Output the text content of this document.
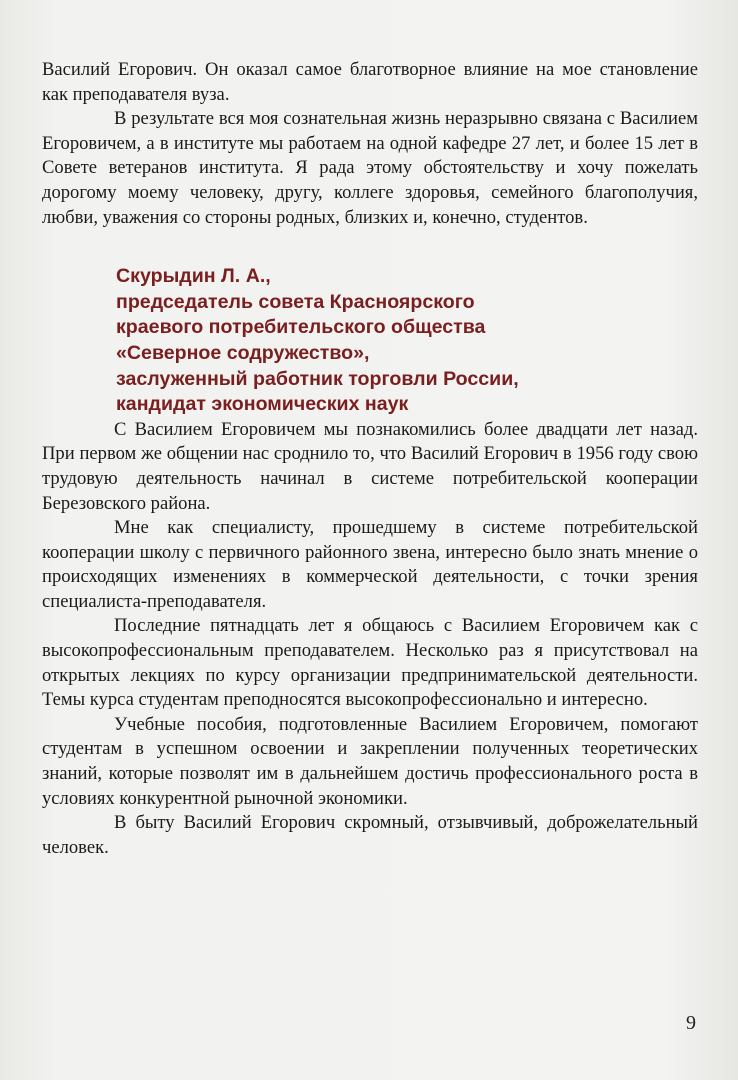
Василий Егорович. Он оказал самое благотворное влияние на мое становление как преподавателя вуза.

В результате вся моя сознательная жизнь неразрывно связана с Василием Егоровичем, а в институте мы работаем на одной кафедре 27 лет, и более 15 лет в Совете ветеранов института. Я рада этому обстоятельству и хочу пожелать дорогому моему человеку, другу, коллеге здоровья, семейного благополучия, любви, уважения со стороны родных, близких и, конечно, студентов.

Скурыдин Л. А.,
председатель совета Красноярского
краевого потребительского общества
«Северное содружество»,
заслуженный работник торговли России,
кандидат экономических наук

С Василием Егоровичем мы познакомились более двадцати лет назад. При первом же общении нас сроднило то, что Василий Егорович в 1956 году свою трудовую деятельность начинал в системе потребительской кооперации Березовского района.

Мне как специалисту, прошедшему в системе потребительской кооперации школу с первичного районного звена, интересно было знать мнение о происходящих изменениях в коммерческой деятельности, с точки зрения специалиста-преподавателя.

Последние пятнадцать лет я общаюсь с Василием Егоровичем как с высокопрофессиональным преподавателем. Несколько раз я присутствовал на открытых лекциях по курсу организации предпринимательской деятельности. Темы курса студентам преподносятся высокопрофессионально и интересно.

Учебные пособия, подготовленные Василием Егоровичем, помогают студентам в успешном освоении и закреплении полученных теоретических знаний, которые позволят им в дальнейшем достичь профессионального роста в условиях конкурентной рыночной экономики.

В быту Василий Егорович скромный, отзывчивый, доброжелательный человек.

9
